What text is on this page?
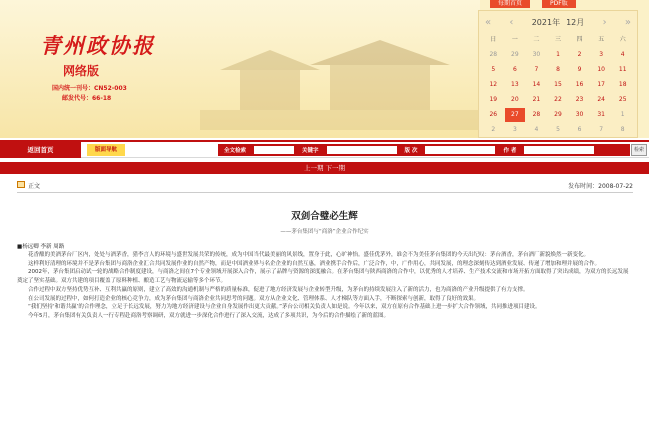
青州政协报
网络版
国内统一刊号：CN52-003
邮发代号：66-18
每期首页	PDF版
« ‹ 2021年 12月 › »
日	一	二	三	四	五	六
28	29	30	1	2	3	4
5	6	7	8	9	10	11
12	13	14	15	16	17	18
19	20	21	22	23	24	25
26	27	28	29	30	31	1
2	3	4	5	6	7	8
返回首页	版面导航	全文检索	关键字	版 次	作 者	检索
上一期 下一期
正文	发布时间：2008-07-22
双剑合璧必生辉
——茅台集团与“商洛”企业合作纪实
■杨远卿 李新 周路

花香酿的美酒茅台厂区内，处处与酒茅香，猎李言人的环境与盛世发展共荣的传统，成为中国当代最美丽的风景线，置身于此，心旷神怡。盛佳优茅外，谁会不为美佳茅台集团的今天出纪叹：茅台酒香，茅台酒厂新貌焕然一新变化。

这样利好清理的环境并不是茅台集团与商洛企业汇合共同发展作业的自然产物，而是中国酒业界与名企企业的自然互惠，酒业携手合作后，广泛合作，中，广作用心，共同发展，的理念深刻传达到酒业发展、传递了增加和理并展的合作。

2002年，茅台集团启动试一轮的战略合作制度建设，与商洛之间在7个专业领域开展深入合作，展示了品牌与资源的深度融合。在茅台集团与陕西商洛的合作中，以优秀的人才培养、生产技术交流和市场开拓方面取得了突出成绩，为双方的长远发展奠定了坚实基础。双方共建的项目覆盖了原料种植、酿造工艺与物流运输等多个环节。

合作过程中双方坚持优势互补、互利共赢的原则，建立了高效的沟通机制与严格的质量标准，促进了地方经济发展与企业转型升级，为茅台的持续发展注入了新的活力，也为商洛的产业升级提供了有力支撑。

在公司发展的过程中，如何打造企业的核心竞争力，成为茅台集团与商洛企业共同思考的问题。双方从企业文化、管理体系、人才梯队等方面入手，不断探索与创新，取得了良好的效果。

“我们坚持‘和谐共赢’的合作理念，立足于长远发展，努力为地方经济建设与企业自身发展作出更大贡献。”茅台公司相关负责人如是说。今年以来，双方在原有合作基础上进一步扩大合作领域，共同推进项目建设。

今年5月，茅台集团有关负责人一行专程赴商洛考察调研，双方就进一步深化合作进行了深入交流，达成了多项共识，为今后的合作描绘了新的蓝图。
